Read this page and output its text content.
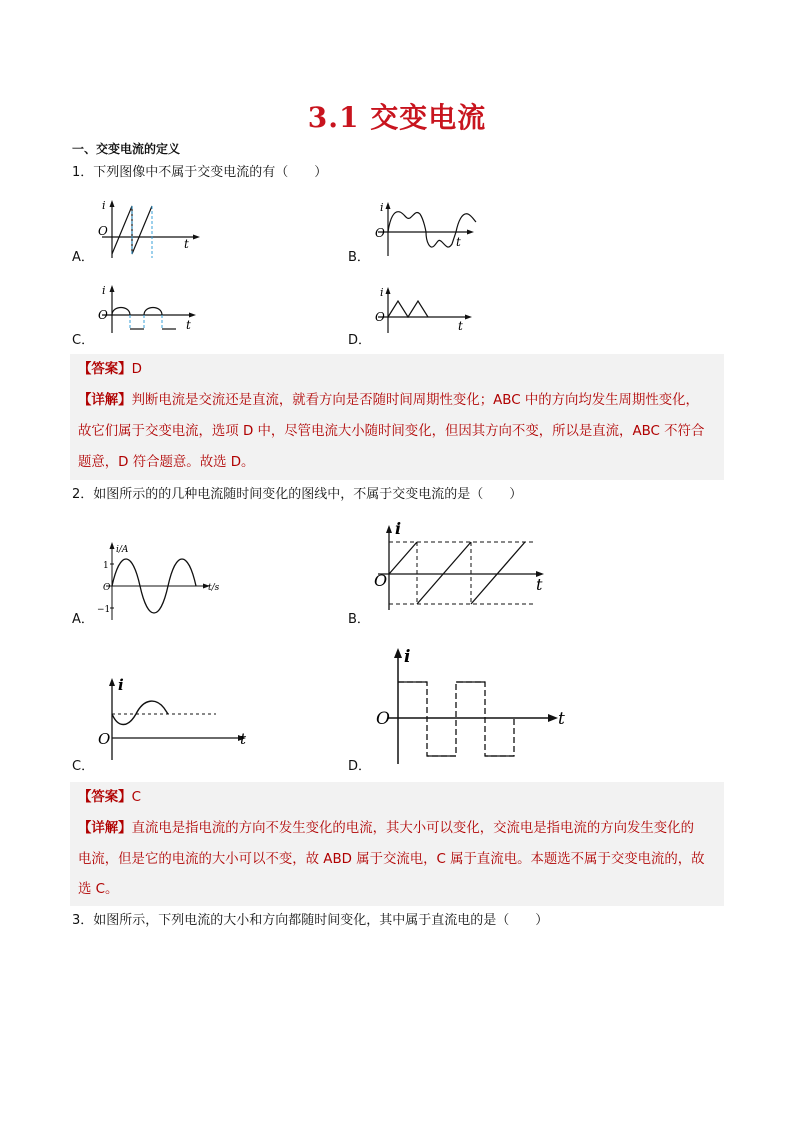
3.1 交变电流
一、交变电流的定义
1．下列图像中不属于交变电流的有（　　）
i
O
t
A．
i
O
t
B．
i
O
t
C．
i
O
t
D．
【答案】D
【详解】判断电流是交流还是直流，就看方向是否随时间周期性变化；ABC 中的方向均发生周期性变化，
故它们属于交变电流，选项 D 中，尽管电流大小随时间变化，但因其方向不变，所以是直流，ABC 不符合
题意，D 符合题意。故选 D。
2．如图所示的的几种电流随时间变化的图线中，不属于交变电流的是（　　）
i/A
1
O
−1
t/s
A．
i
O	t
B．
i
O	t
C．
i
O	t
D．
【答案】C
【详解】直流电是指电流的方向不发生变化的电流，其大小可以变化，交流电是指电流的方向发生变化的
电流，但是它的电流的大小可以不变，故 ABD 属于交流电，C 属于直流电。本题选不属于交变电流的，故
选 C。
3．如图所示，下列电流的大小和方向都随时间变化，其中属于直流电的是（　　）
